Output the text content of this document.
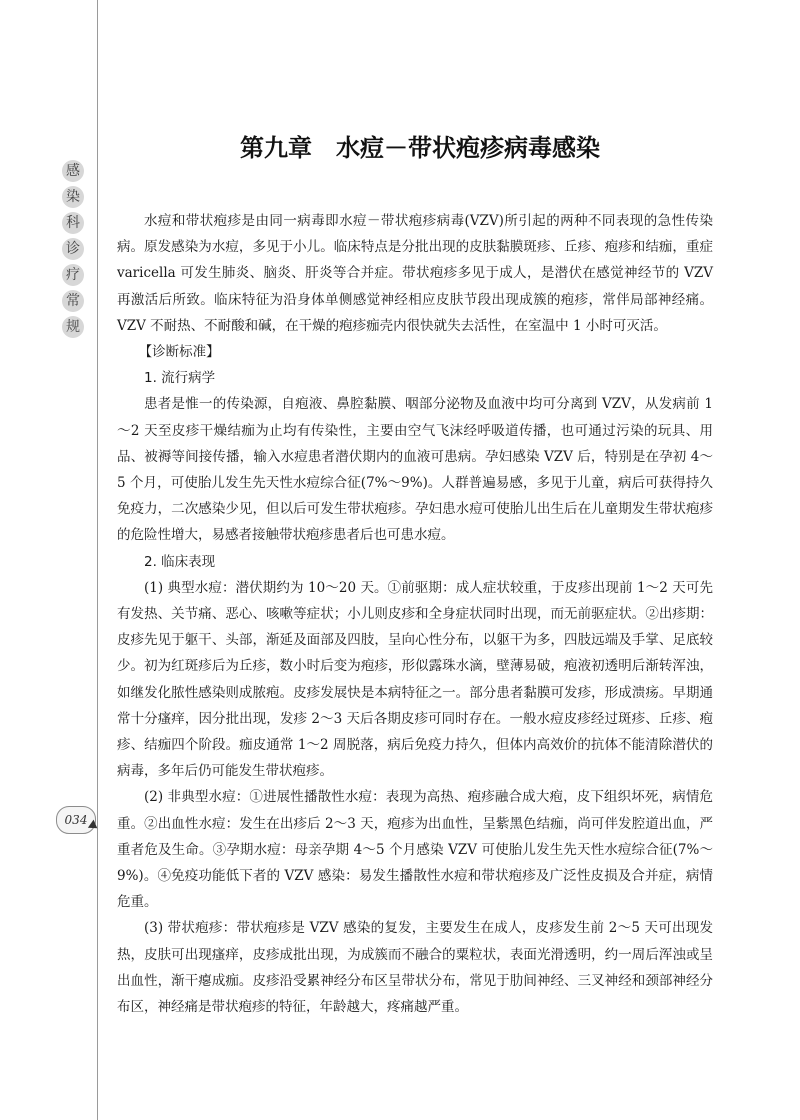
感
染
科
诊
疗
常
规
034
第九章　水痘－带状疱疹病毒感染

水痘和带状疱疹是由同一病毒即水痘－带状疱疹病毒(VZV)所引起的两种不同表现的急性传染病。原发感染为水痘，多见于小儿。临床特点是分批出现的皮肤黏膜斑疹、丘疹、疱疹和结痂，重症 varicella 可发生肺炎、脑炎、肝炎等合并症。带状疱疹多见于成人，是潜伏在感觉神经节的 VZV 再激活后所致。临床特征为沿身体单侧感觉神经相应皮肤节段出现成簇的疱疹，常伴局部神经痛。VZV 不耐热、不耐酸和碱，在干燥的疱疹痂壳内很快就失去活性，在室温中 1 小时可灭活。

【诊断标准】
1. 流行病学

患者是惟一的传染源，自疱液、鼻腔黏膜、咽部分泌物及血液中均可分离到 VZV，从发病前 1～2 天至皮疹干燥结痂为止均有传染性，主要由空气飞沫经呼吸道传播，也可通过污染的玩具、用品、被褥等间接传播，输入水痘患者潜伏期内的血液可患病。孕妇感染 VZV 后，特别是在孕初 4～5 个月，可使胎儿发生先天性水痘综合征(7%～9%)。人群普遍易感，多见于儿童，病后可获得持久免疫力，二次感染少见，但以后可发生带状疱疹。孕妇患水痘可使胎儿出生后在儿童期发生带状疱疹的危险性增大，易感者接触带状疱疹患者后也可患水痘。

2. 临床表现

(1) 典型水痘：潜伏期约为 10～20 天。①前驱期：成人症状较重，于皮疹出现前 1～2 天可先有发热、关节痛、恶心、咳嗽等症状；小儿则皮疹和全身症状同时出现，而无前驱症状。②出疹期：皮疹先见于躯干、头部，渐延及面部及四肢，呈向心性分布，以躯干为多，四肢远端及手掌、足底较少。初为红斑疹后为丘疹，数小时后变为疱疹，形似露珠水滴，壁薄易破，疱液初透明后渐转浑浊，如继发化脓性感染则成脓疱。皮疹发展快是本病特征之一。部分患者黏膜可发疹，形成溃疡。早期通常十分瘙痒，因分批出现，发疹 2～3 天后各期皮疹可同时存在。一般水痘皮疹经过斑疹、丘疹、疱疹、结痂四个阶段。痂皮通常 1～2 周脱落，病后免疫力持久，但体内高效价的抗体不能清除潜伏的病毒，多年后仍可能发生带状疱疹。

(2) 非典型水痘：①进展性播散性水痘：表现为高热、疱疹融合成大疱，皮下组织坏死，病情危重。②出血性水痘：发生在出疹后 2～3 天，疱疹为出血性，呈紫黑色结痂，尚可伴发腔道出血，严重者危及生命。③孕期水痘：母亲孕期 4～5 个月感染 VZV 可使胎儿发生先天性水痘综合征(7%～9%)。④免疫功能低下者的 VZV 感染：易发生播散性水痘和带状疱疹及广泛性皮损及合并症，病情危重。

(3) 带状疱疹：带状疱疹是 VZV 感染的复发，主要发生在成人，皮疹发生前 2～5 天可出现发热，皮肤可出现瘙痒，皮疹成批出现，为成簇而不融合的粟粒状，表面光滑透明，约一周后浑浊或呈出血性，渐干瘪成痂。皮疹沿受累神经分布区呈带状分布，常见于肋间神经、三叉神经和颈部神经分布区，神经痛是带状疱疹的特征，年龄越大，疼痛越严重。
